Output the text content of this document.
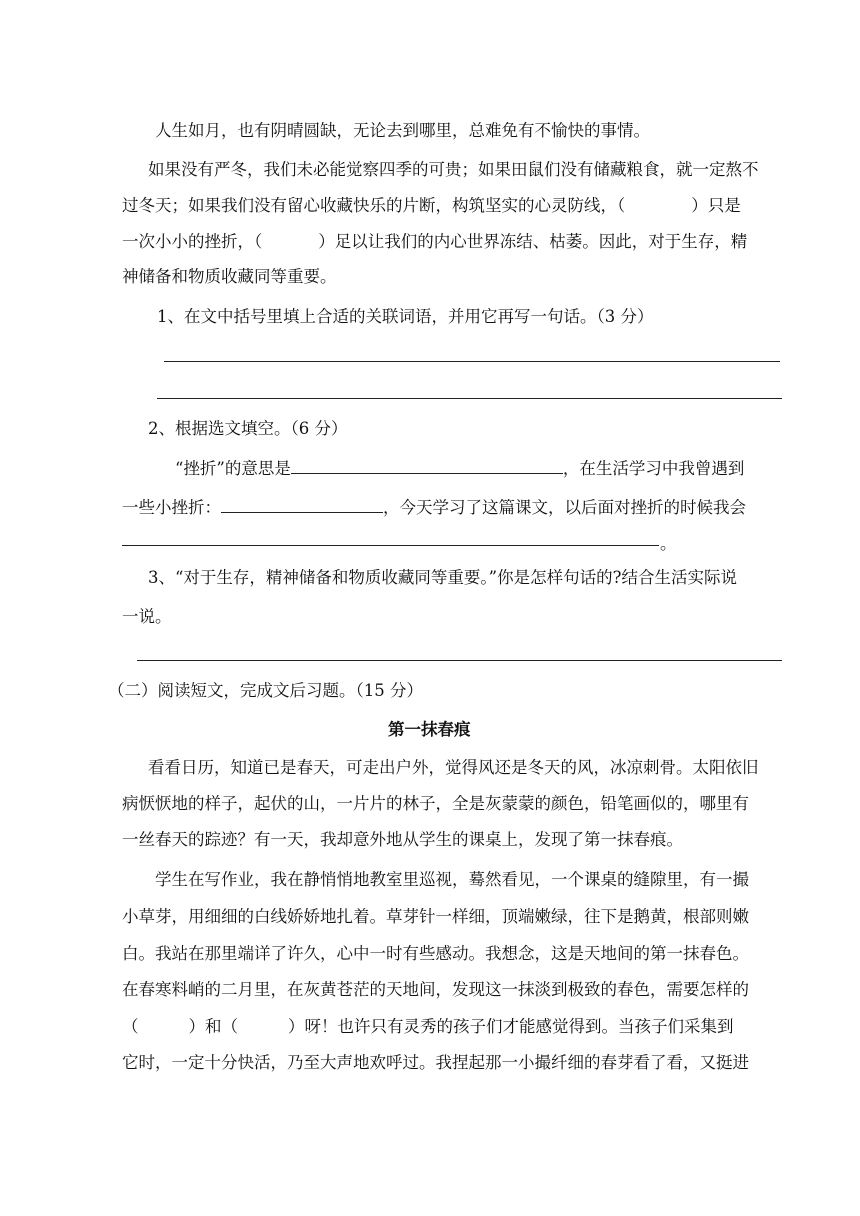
人生如月，也有阴晴圆缺，无论去到哪里，总难免有不愉快的事情。
如果没有严冬，我们未必能觉察四季的可贵；如果田鼠们没有储藏粮食，就一定熬不
过冬天；如果我们没有留心收藏快乐的片断，构筑坚实的心灵防线，（	）只是
一次小小的挫折，（	）足以让我们的内心世界冻结、枯萎。因此，对于生存，精
神储备和物质收藏同等重要。
1、在文中括号里填上合适的关联词语，并用它再写一句话。（3 分）
2、根据选文填空。（6 分）
“挫折”的意思是	，在生活学习中我曾遇到
一些小挫折：	，今天学习了这篇课文，以后面对挫折的时候我会
。
3、“对于生存，精神储备和物质收藏同等重要。”你是怎样句话的?结合生活实际说
一说。
（二）阅读短文，完成文后习题。（15 分）
第一抹春痕
看看日历，知道已是春天，可走出户外，觉得风还是冬天的风，冰凉刺骨。太阳依旧
病恹恹地的样子，起伏的山，一片片的林子，全是灰蒙蒙的颜色，铅笔画似的，哪里有
一丝春天的踪迹？有一天，我却意外地从学生的课桌上，发现了第一抹春痕。
学生在写作业，我在静悄悄地教室里巡视，蓦然看见，一个课桌的缝隙里，有一撮
小草芽，用细细的白线娇娇地扎着。草芽针一样细，顶端嫩绿，往下是鹅黄，根部则嫩
白。我站在那里端详了许久，心中一时有些感动。我想念，这是天地间的第一抹春色。
在春寒料峭的二月里，在灰黄苍茫的天地间，发现这一抹淡到极致的春色，需要怎样的
（	）和（	）呀！也许只有灵秀的孩子们才能感觉得到。当孩子们采集到
它时，一定十分快活，乃至大声地欢呼过。我捏起那一小撮纤细的春芽看了看，又挺进
